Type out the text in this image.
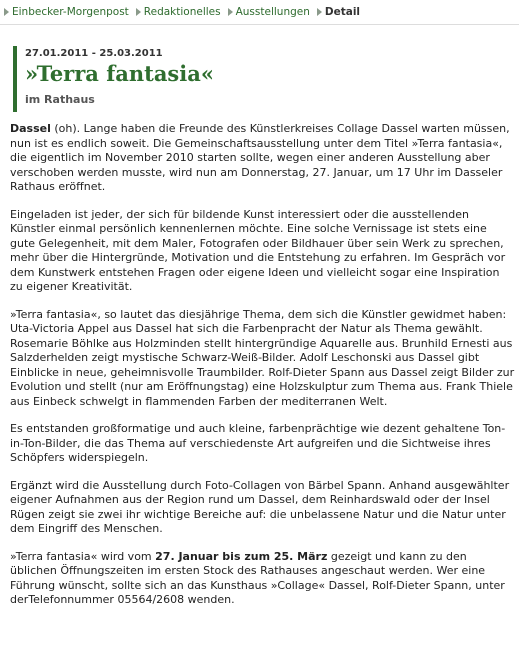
Einbecker-Morgenpost Redaktionelles Ausstellungen Detail
27.01.2011 - 25.03.2011
»Terra fantasia«
im Rathaus

Dassel (oh). Lange haben die Freunde des Künstlerkreises Collage Dassel warten müssen, nun ist es endlich soweit. Die Gemeinschaftsausstellung unter dem Titel »Terra fantasia«, die eigentlich im November 2010 starten sollte, wegen einer anderen Ausstellung aber verschoben werden musste, wird nun am Donnerstag, 27. Januar, um 17 Uhr im Dasseler Rathaus eröffnet.

Eingeladen ist jeder, der sich für bildende Kunst interessiert oder die ausstellenden Künstler einmal persönlich kennenlernen möchte. Eine solche Vernissage ist stets eine gute Gelegenheit, mit dem Maler, Fotografen oder Bildhauer über sein Werk zu sprechen, mehr über die Hintergründe, Motivation und die Entstehung zu erfahren. Im Gespräch vor dem Kunstwerk entstehen Fragen oder eigene Ideen und vielleicht sogar eine Inspiration zu eigener Kreativität.

»Terra fantasia«, so lautet das diesjährige Thema, dem sich die Künstler gewidmet haben: Uta-Victoria Appel aus Dassel hat sich die Farbenpracht der Natur als Thema gewählt. Rosemarie Böhlke aus Holzminden stellt hintergründige Aquarelle aus. Brunhild Ernesti aus Salzderhelden zeigt mystische Schwarz-Weiß-Bilder. Adolf Leschonski aus Dassel gibt Einblicke in neue, geheimnisvolle Traumbilder. Rolf-Dieter Spann aus Dassel zeigt Bilder zur Evolution und stellt (nur am Eröffnungstag) eine Holzskulptur zum Thema aus. Frank Thiele aus Einbeck schwelgt in flammenden Farben der mediterranen Welt.

Es entstanden großformatige und auch kleine, farbenprächtige wie dezent gehaltene Ton-in-Ton-Bilder, die das Thema auf verschiedenste Art aufgreifen und die Sichtweise ihres Schöpfers widerspiegeln.

Ergänzt wird die Ausstellung durch Foto-Collagen von Bärbel Spann. Anhand ausgewählter eigener Aufnahmen aus der Region rund um Dassel, dem Reinhardswald oder der Insel Rügen zeigt sie zwei ihr wichtige Bereiche auf: die unbelassene Natur und die Natur unter dem Eingriff des Menschen.

»Terra fantasia« wird vom 27. Januar bis zum 25. März gezeigt und kann zu den üblichen Öffnungszeiten im ersten Stock des Rathauses angeschaut werden. Wer eine Führung wünscht, sollte sich an das Kunsthaus »Collage« Dassel, Rolf-Dieter Spann, unter derTelefonnummer 05564/2608 wenden.
